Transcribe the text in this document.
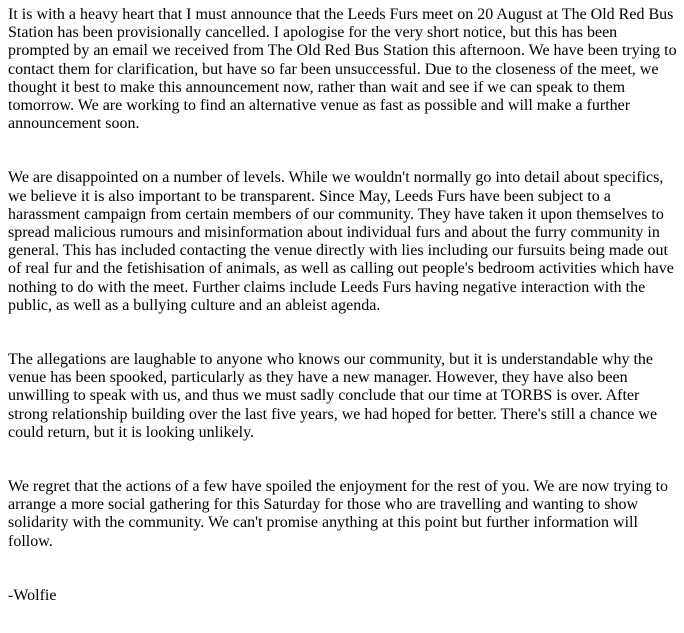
It is with a heavy heart that I must announce that the Leeds Furs meet on 20 August at The Old Red Bus Station has been provisionally cancelled. I apologise for the very short notice, but this has been prompted by an email we received from The Old Red Bus Station this afternoon. We have been trying to contact them for clarification, but have so far been unsuccessful. Due to the closeness of the meet, we thought it best to make this announcement now, rather than wait and see if we can speak to them tomorrow. We are working to find an alternative venue as fast as possible and will make a further announcement soon.

We are disappointed on a number of levels. While we wouldn't normally go into detail about specifics, we believe it is also important to be transparent. Since May, Leeds Furs have been subject to a harassment campaign from certain members of our community. They have taken it upon themselves to spread malicious rumours and misinformation about individual furs and about the furry community in general. This has included contacting the venue directly with lies including our fursuits being made out of real fur and the fetishisation of animals, as well as calling out people's bedroom activities which have nothing to do with the meet. Further claims include Leeds Furs having negative interaction with the public, as well as a bullying culture and an ableist agenda.

The allegations are laughable to anyone who knows our community, but it is understandable why the venue has been spooked, particularly as they have a new manager. However, they have also been unwilling to speak with us, and thus we must sadly conclude that our time at TORBS is over. After strong relationship building over the last five years, we had hoped for better. There's still a chance we could return, but it is looking unlikely.

We regret that the actions of a few have spoiled the enjoyment for the rest of you. We are now trying to arrange a more social gathering for this Saturday for those who are travelling and wanting to show solidarity with the community. We can't promise anything at this point but further information will follow.

-Wolfie
